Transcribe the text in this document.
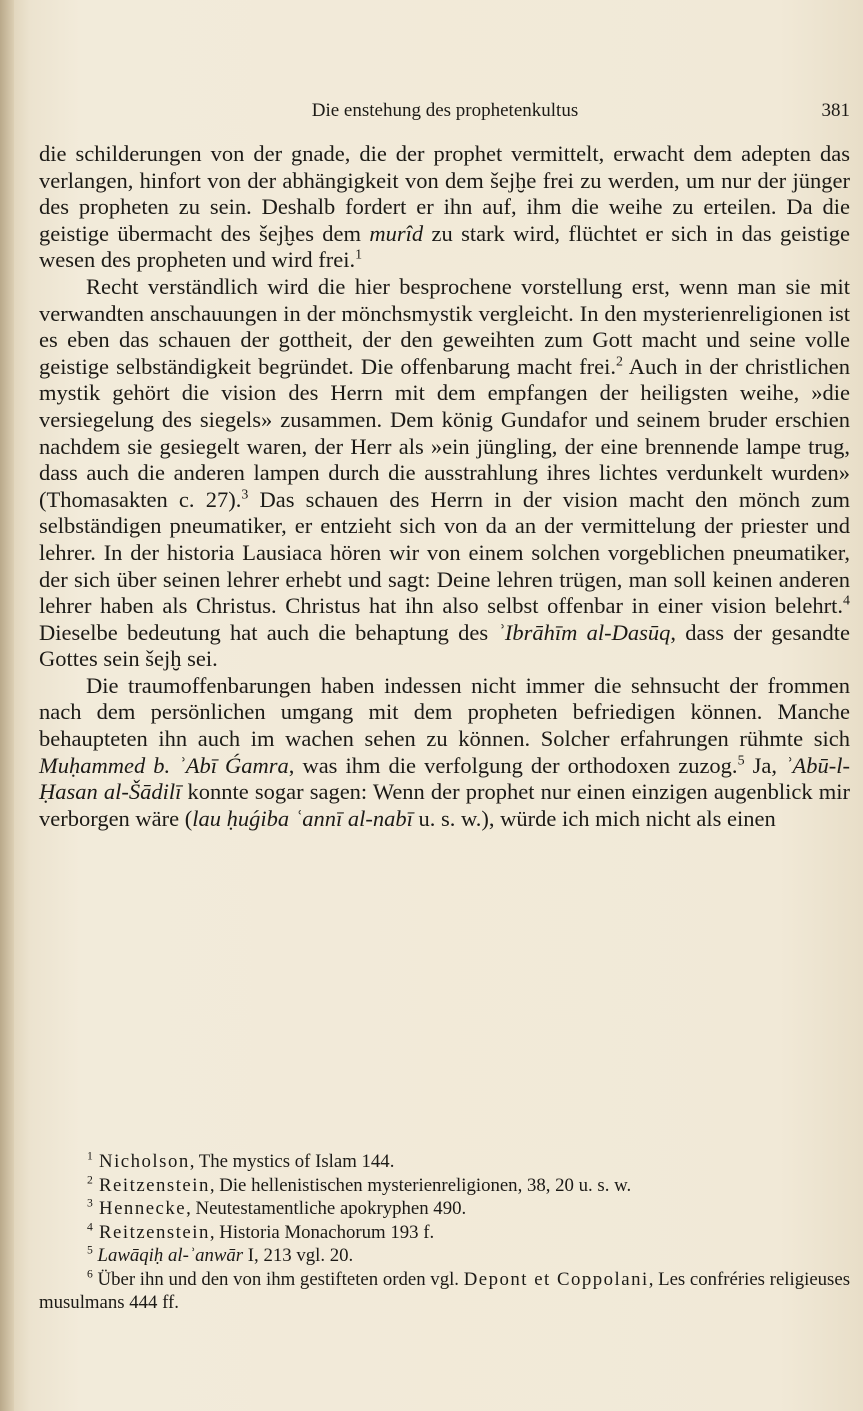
Die enstehung des prophetenkultus	381

die schilderungen von der gnade, die der prophet vermittelt, erwacht dem adepten das verlangen, hinfort von der abhängigkeit von dem šejḫe frei zu werden, um nur der jünger des propheten zu sein. Deshalb fordert er ihn auf, ihm die weihe zu erteilen. Da die geistige übermacht des šejḫes dem murîd zu stark wird, flüchtet er sich in das geistige wesen des propheten und wird frei.$^1$

Recht verständlich wird die hier besprochene vorstellung erst, wenn man sie mit verwandten anschauungen in der mönchsmystik vergleicht. In den mysterienreligionen ist es eben das schauen der gottheit, der den geweihten zum Gott macht und seine volle geistige selbständigkeit begründet. Die offenbarung macht frei.$^2$ Auch in der christlichen mystik gehört die vision des Herrn mit dem empfangen der heiligsten weihe, »die versiegelung des siegels» zusammen. Dem könig Gundafor und seinem bruder erschien nachdem sie gesiegelt waren, der Herr als »ein jüngling, der eine brennende lampe trug, dass auch die anderen lampen durch die ausstrahlung ihres lichtes verdunkelt wurden» (Thomasakten c. 27).$^3$ Das schauen des Herrn in der vision macht den mönch zum selbständigen pneumatiker, er entzieht sich von da an der vermittelung der priester und lehrer. In der historia Lausiaca hören wir von einem solchen vorgeblichen pneumatiker, der sich über seinen lehrer erhebt und sagt: Deine lehren trügen, man soll keinen anderen lehrer haben als Christus. Christus hat ihn also selbst offenbar in einer vision belehrt.$^4$ Dieselbe bedeutung hat auch die behaptung des ʾIbrāhīm al-Dasūq, dass der gesandte Gottes sein šejḫ sei.

Die traumoffenbarungen haben indessen nicht immer die sehnsucht der frommen nach dem persönlichen umgang mit dem propheten befriedigen können. Manche behaupteten ihn auch im wachen sehen zu können. Solcher erfahrungen rühmte sich Muḥammed b. ʾAbī Ǵamra, was ihm die verfolgung der orthodoxen zuzog.$^5$ Ja, ʾAbū-l-Ḥasan al-Šādilī konnte sogar sagen: Wenn der prophet nur einen einzigen augenblick mir verborgen wäre (lau ḥuǵiba ʿannī al-nabī u. s. w.), würde ich mich nicht als einen

$^1$ Nicholson, The mystics of Islam 144.

$^2$ Reitzenstein, Die hellenistischen mysterienreligionen, 38, 20 u. s. w.

$^3$ Hennecke, Neutestamentliche apokryphen 490.

$^4$ Reitzenstein, Historia Monachorum 193 f.

$^5$ Lawāqiḥ al-ʾanwār I, 213 vgl. 20.

$^6$ Über ihn und den von ihm gestifteten orden vgl. Depont et Coppolani, Les confréries religieuses musulmans 444 ff.
